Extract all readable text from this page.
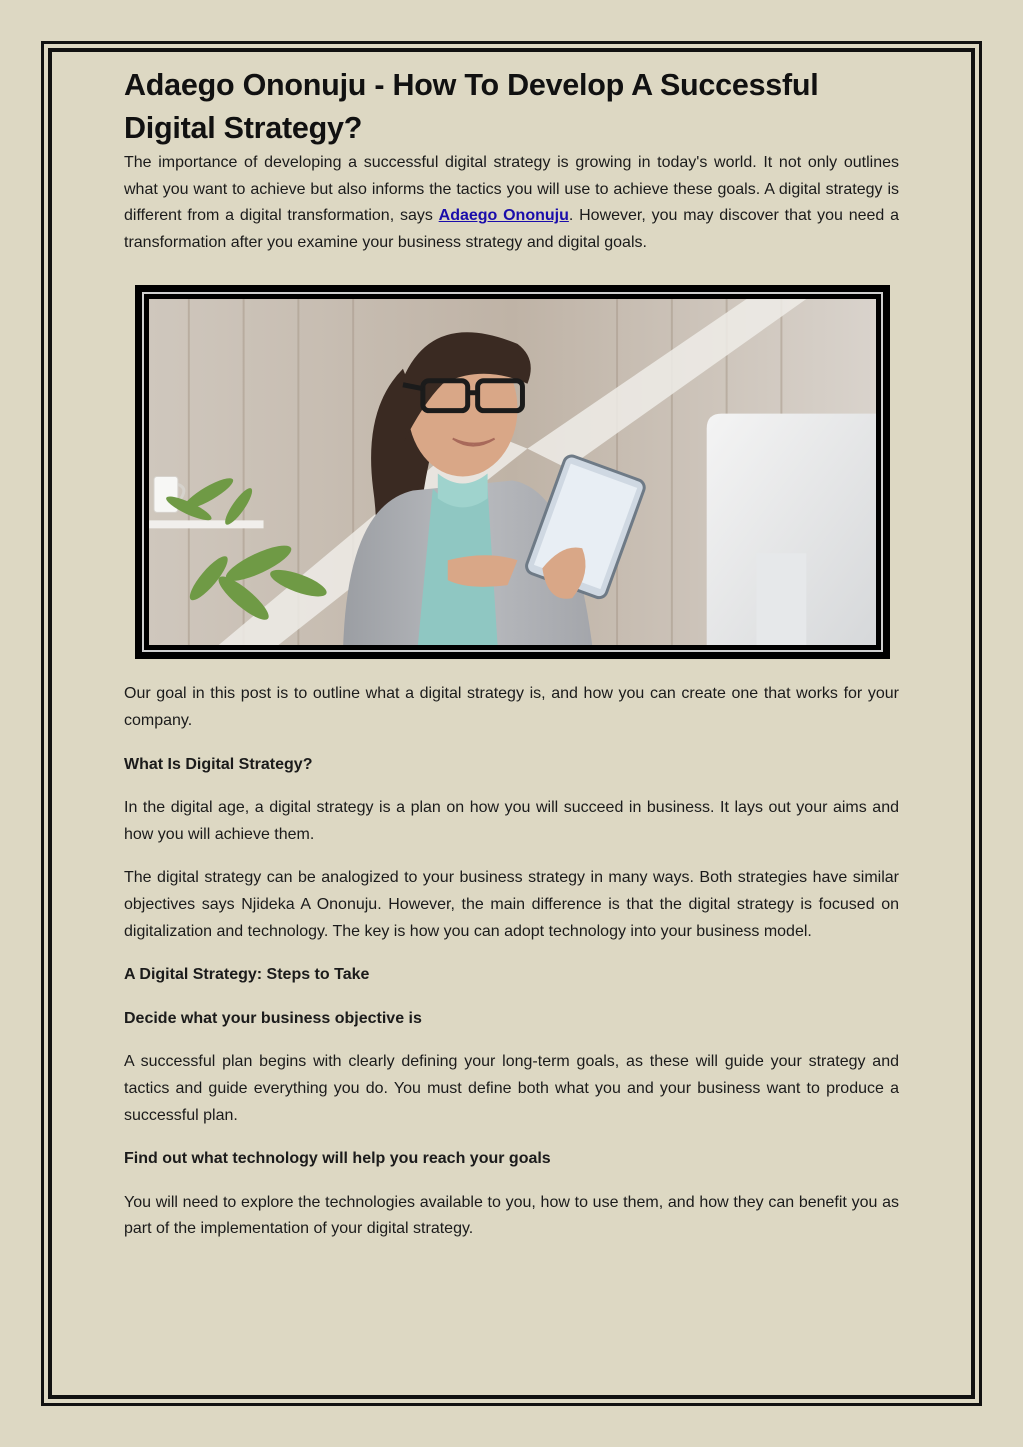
Adaego Ononuju - How To Develop A Successful Digital Strategy?

The importance of developing a successful digital strategy is growing in today's world. It not only outlines what you want to achieve but also informs the tactics you will use to achieve these goals. A digital strategy is different from a digital transformation, says Adaego Ononuju. However, you may discover that you need a transformation after you examine your business strategy and digital goals.

Our goal in this post is to outline what a digital strategy is, and how you can create one that works for your company.

What Is Digital Strategy?

In the digital age, a digital strategy is a plan on how you will succeed in business. It lays out your aims and how you will achieve them.

The digital strategy can be analogized to your business strategy in many ways. Both strategies have similar objectives says Njideka A Ononuju. However, the main difference is that the digital strategy is focused on digitalization and technology. The key is how you can adopt technology into your business model.

A Digital Strategy: Steps to Take

Decide what your business objective is

A successful plan begins with clearly defining your long-term goals, as these will guide your strategy and tactics and guide everything you do. You must define both what you and your business want to produce a successful plan.

Find out what technology will help you reach your goals

You will need to explore the technologies available to you, how to use them, and how they can benefit you as part of the implementation of your digital strategy.
